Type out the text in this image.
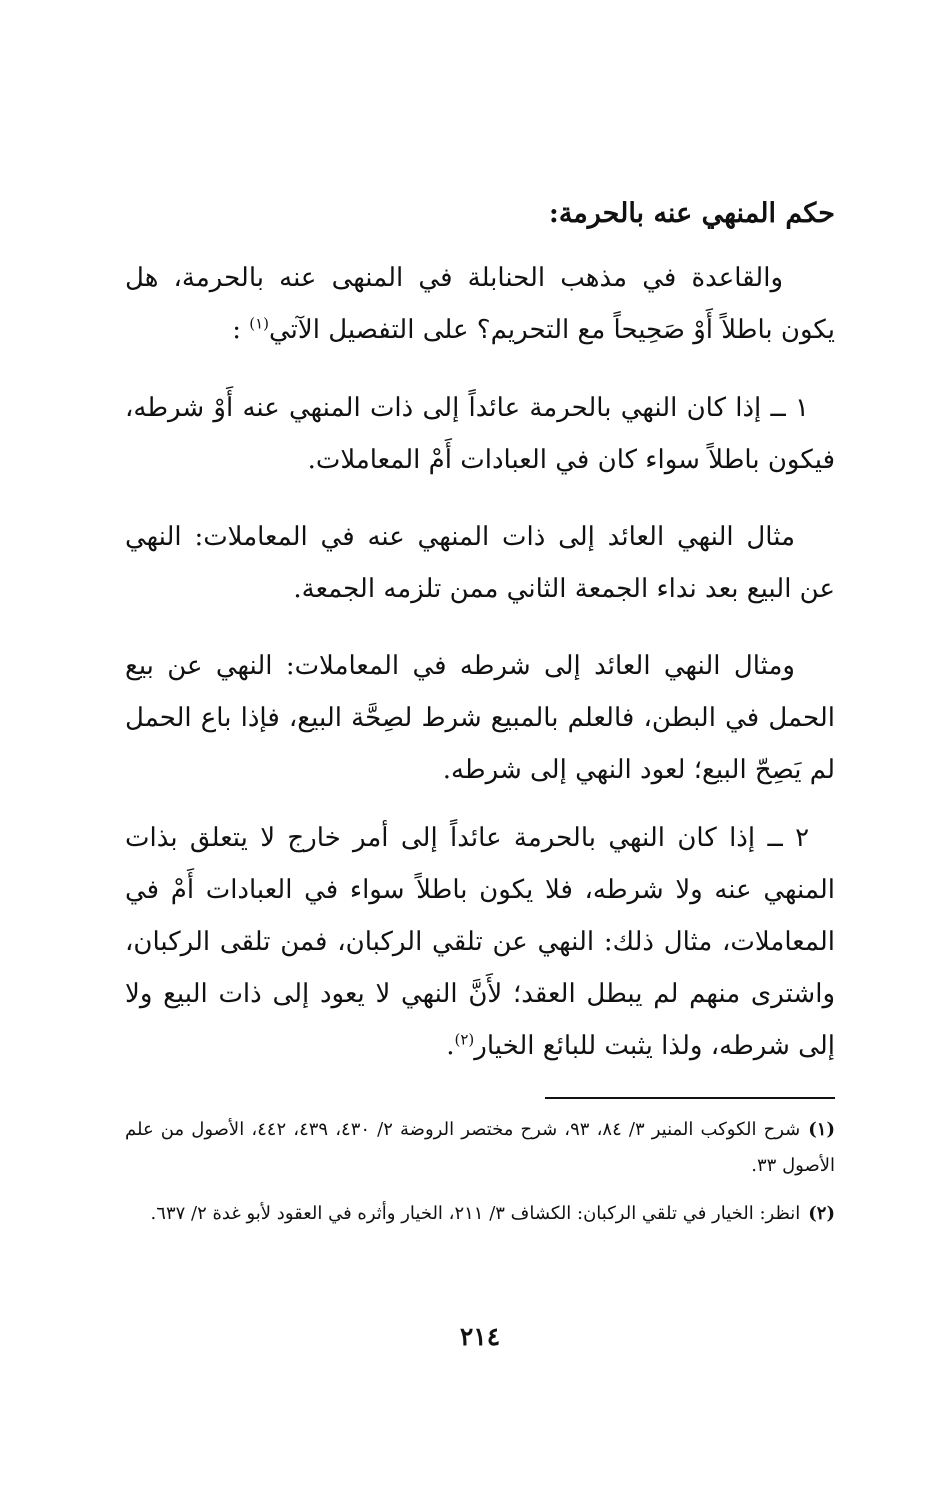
حكم المنهي عنه بالحرمة:

والقاعدة في مذهب الحنابلة في المنهى عنه بالحرمة، هل يكون باطلاً أَوْ صَحِيحاً مع التحريم؟ على التفصيل الآتي$^{(١)}$ :

١ ــ إذا كان النهي بالحرمة عائداً إلى ذات المنهي عنه أَوْ شرطه، فيكون باطلاً سواء كان في العبادات أَمْ المعاملات.

مثال النهي العائد إلى ذات المنهي عنه في المعاملات: النهي عن البيع بعد نداء الجمعة الثاني ممن تلزمه الجمعة.

ومثال النهي العائد إلى شرطه في المعاملات: النهي عن بيع الحمل في البطن، فالعلم بالمبيع شرط لصِحَّة البيع، فإذا باع الحمل لم يَصِحّ البيع؛ لعود النهي إلى شرطه.

٢ ــ إذا كان النهي بالحرمة عائداً إلى أمر خارج لا يتعلق بذات المنهي عنه ولا شرطه، فلا يكون باطلاً سواء في العبادات أَمْ في المعاملات، مثال ذلك: النهي عن تلقي الركبان، فمن تلقى الركبان، واشترى منهم لم يبطل العقد؛ لأَنَّ النهي لا يعود إلى ذات البيع ولا إلى شرطه، ولذا يثبت للبائع الخيار$^{(٢)}$.

(١)شرح الكوكب المنير ٣/ ٨٤، ٩٣، شرح مختصر الروضة ٢/ ٤٣٠، ٤٣٩، ٤٤٢، الأصول من علم الأصول ٣٣.

(٢)انظر: الخيار في تلقي الركبان: الكشاف ٣/ ٢١١، الخيار وأثره في العقود لأبو غدة ٢/ ٦٣٧.

٢١٤
